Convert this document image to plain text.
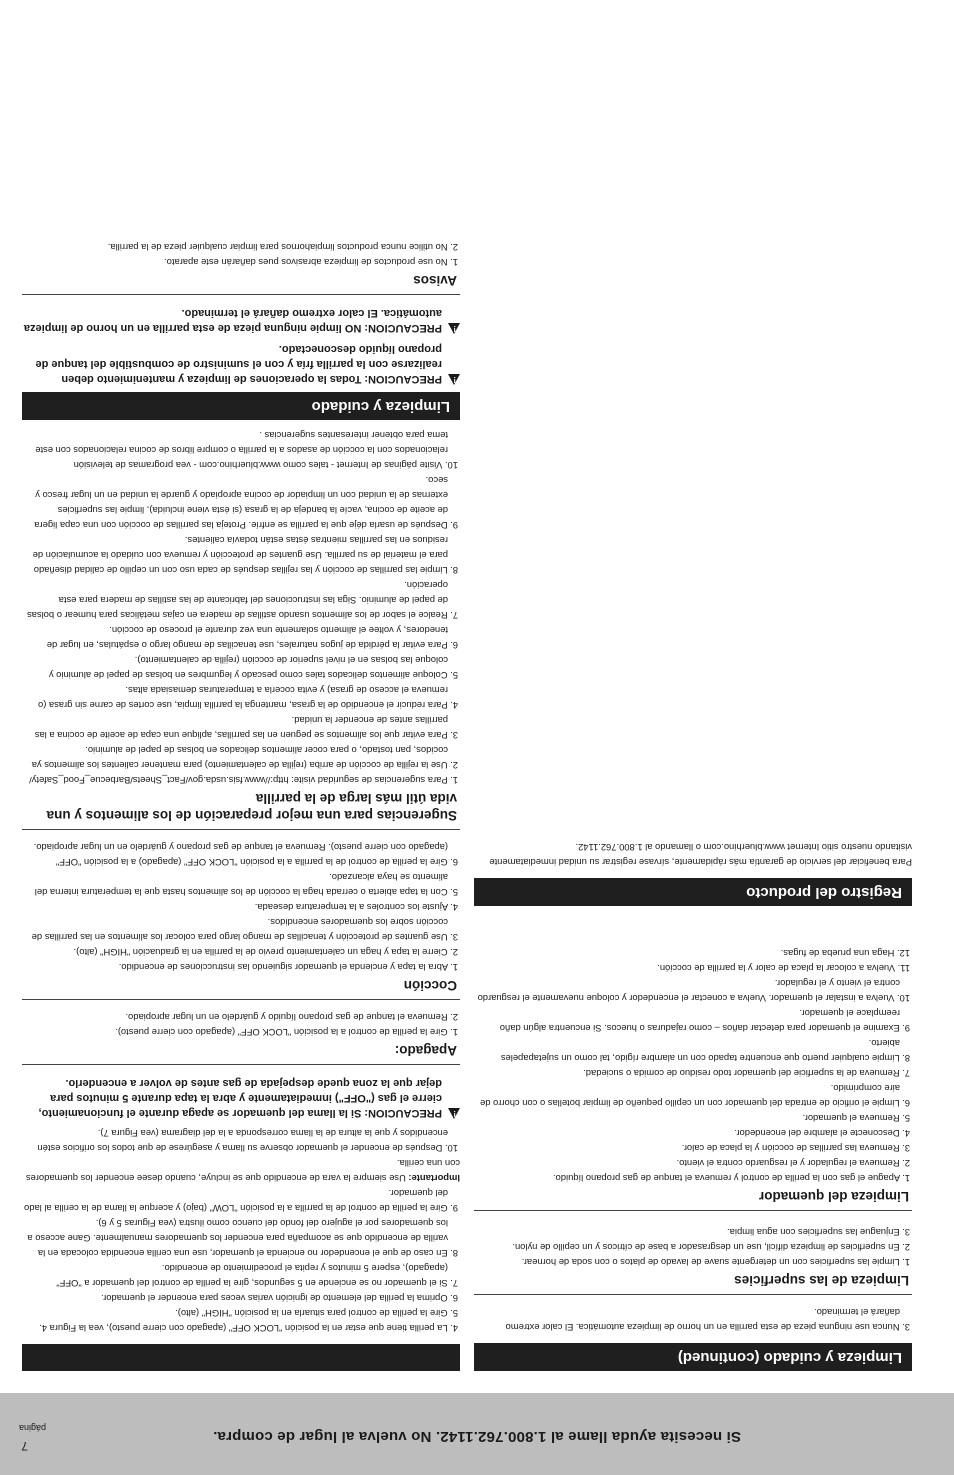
página
7
Si necesita ayuda llame al 1.800.762.1142. No vuelva al lugar de compra.
Limpieza y cuidado (continued)

3. Nunca use ninguna pieza de esta parrilla en un horno de limpieza automática. El calor extremo dañará el terminado.

Limpieza de las superficies

1. Limpie las superficies con un detergente suave de lavado de platos o con soda de hornear.

2. En superficies de limpieza difícil, use un desgrasador a base de cítricos y un cepillo de nylon.

3. Enjuague las superficies con agua limpia.

Limpieza del quemador

1. Apague el gas con la perilla de control y remueva el tanque de gas propano líquido.

2. Remueva el regulador y el resguardo contra el viento.

3. Remueva las parrillas de cocción y la placa de calor.

4. Desconecte el alambre del encendedor.

5. Remueva el quemador.

6. Limpie el orificio de entrada del quemador con un cepillo pequeño de limpiar botellas o con chorro de aire comprimido.

7. Remueva de la superficie del quemador todo residuo de comida o suciedad.

8. Limpie cualquier puerto que encuentre tapado con un alambre rígido, tal como un sujetapapeles abierto.

9. Examine el quemador para detectar daños – como rajaduras o huecos. Si encuentra algún daño reemplace el quemador.

10. Vuelva a instalar el quemador. Vuelva a conectar el encendedor y coloque nuevamente el resguardo contra el viento y el regulador.

11. Vuelva a colocar la placa de calor y la parrilla de cocción.

12. Haga una prueba de fugas.

Registro del producto

Para beneficiar del servicio de garantía más rápidamente, sírvase registrar su unidad inmediatamente visitando nuestro sitio Internet www.bluerhino.com o llamando al 1.800.762.1142.

4. La perilla tiene que estar en la posición "LOCK OFF" (apagado con cierre puesto), vea la Figura 4.

5. Gire la perilla de control para situarla en la posición "HIGH" (alto).

6. Oprima la perilla del elemento de ignición varias veces para encender el quemador.

7. Si el quemador no se enciende en 5 segundos, gire la perilla de control del quemador a "OFF" (apagado), espere 5 minutos y repita el procedimiento de encendido.

8. En caso de que el encendedor no encienda el quemador, use una cerilla encendida colocada en la varilla de encendido que se acompaña para encender los quemadores manualmente. Gane acceso a los quemadores por el agujero del fondo del cuenco como ilustra (vea Figuras 5 y 6).

9. Gire la perilla de control de la parrilla a la posición "LOW" (bajo) y acerque la llama de la cerilla al lado del quemador.

Importante: Use siempre la vara de encendido que se incluye, cuando desee encender los quemadores con una cerilla.

10. Después de encender el quemador observe su llama y asegúrese de que todos los orificios estén encendidos y que la altura de la llama corresponda a la del diagrama (vea Figura 7).

!
PRECAUCION: Si la llama del quemador se apaga durante el funcionamiento, cierre el gas ("OFF") inmediatamente y abra la tapa durante 5 minutos para dejar que la zona quede despejada de gas antes de volver a encenderlo.
Apagado:

1. Gire la perilla de control a la posición "LOCK OFF" (apagado con cierre puesto).

2. Remueva el tanque de gas propano líquido y guárdelo en un lugar apropiado.

Cocción

1. Abra la tapa y encienda el quemador siguiendo las instrucciones de encendido.

2. Cierre la tapa y haga un calentamiento previo de la parrilla en la graduación "HIGH" (alto).

3. Use guantes de protección y tenacillas de mango largo para colocar los alimentos en las parrillas de cocción sobre los quemadores encendidos.

4. Ajuste los controles a la temperatura deseada.

5. Con la tapa abierta o cerrada haga la cocción de los alimentos hasta que la temperatura interna del alimento se haya alcanzado.

6. Gire la perilla de control de la parrilla a la posición "LOCK OFF" (apagado) a la posición "OFF" (apagado con cierre puesto). Remueva el tanque de gas propano y guárdelo en un lugar apropiado.

Sugerencias para una mejor preparación de los alimentos y una vida útil más larga de la parrilla

1. Para sugerencias de seguridad visite: http://www.fsis.usda.gov/Fact_Sheets/Barbecue_Food_Safety/

2. Use la rejilla de cocción de arriba (rejilla de calentamiento) para mantener calientes los alimentos ya cocidos, pan tostado, o para cocer alimentos delicados en bolsas de papel de aluminio.

3. Para evitar que los alimentos se peguen en las parrillas, aplique una capa de aceite de cocina a las parrillas antes de encender la unidad.

4. Para reducir el encendido de la grasa, mantenga la parrilla limpia, use cortes de carne sin grasa (o remueva el acceso de grasa) y evita cocerla a temperaturas demasiada altas.

5. Coloque alimentos delicados tales como pescado y legumbres en bolsas de papel de aluminio y coloque las bolsas en el nivel superior de cocción (rejilla de calentamiento).

6. Para evitar la pérdida de jugos naturales, use tenacillas de mango largo o espátulas, en lugar de tenedores, y voltee el alimento solamente una vez durante el proceso de cocción.

7. Realce el sabor de los alimentos usando astillas de madera en cajas metálicas para humear o bolsas de papel de aluminio. Siga las instrucciones del fabricante de las astillas de madera para esta operación.

8. Limpie las parrillas de cocción y las rejillas después de cada uso con un cepillo de calidad diseñado para el material de su parrilla. Use guantes de protección y remueva con cuidado la acumulación de residuos en las parrillas mientras éstas están todavía calientes.

9. Después de usarla déje que la parrilla se enfríe. Proteja las parrillas de cocción con una capa ligera de aceite de cocina, vacíe la bandeja de la grasa (si ésta viene incluida), limpie las superficies externas de la unidad con un limpiador de cocina apropiado y guarde la unidad en un lugar fresco y seco.

10. Visite páginas de Internet - tales como www.bluerhino.com - vea programas de televisión relacionados con la cocción de asados a la parrilla o compre libros de cocina relacionados con este tema para obtener interesantes sugerencias .

Limpieza y cuidado
!
PRECAUCION: Todas la operaciones de limpieza y mantenimiento deben realizarse con la parrilla fría y con el suministro de combustible del tanque de propano líquido desconectado.
!
PRECAUCION: NO limpie ninguna pieza de esta parrilla en un horno de limpieza automática. El calor extremo dañará el terminado.
Avisos

1. No use productos de limpieza abrasivos pues dañarán este aparato.

2. No utilice nunca productos limpiahornos para limpiar cualquier pieza de la parrilla.
